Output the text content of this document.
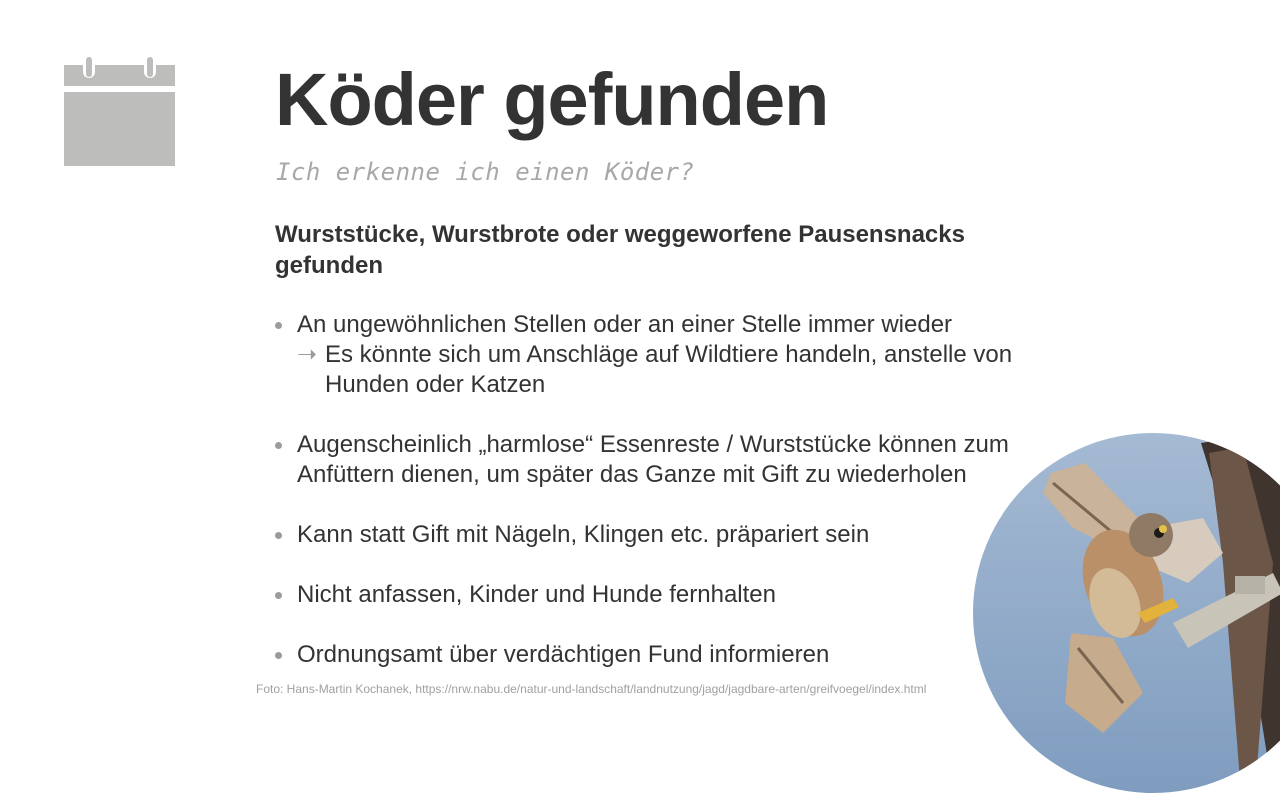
Köder gefunden

Ich erkenne ich einen Köder?

Wurststücke, Wurstbrote oder weggeworfene Pausensnacks gefunden

An ungewöhnlichen Stellen oder an einer Stelle immer wieder
➝ Es könnte sich um Anschläge auf Wildtiere handeln, anstelle von Hunden oder Katzen
Augenscheinlich „harmlose“ Essenreste / Wurststücke können zum Anfüttern dienen, um später das Ganze mit Gift zu wiederholen
Kann statt Gift mit Nägeln, Klingen etc. präpariert sein
Nicht anfassen, Kinder und Hunde fernhalten
Ordnungsamt über verdächtigen Fund informieren

Foto: Hans-Martin Kochanek, https://nrw.nabu.de/natur-und-landschaft/landnutzung/jagd/jagdbare-arten/greifvoegel/index.html
